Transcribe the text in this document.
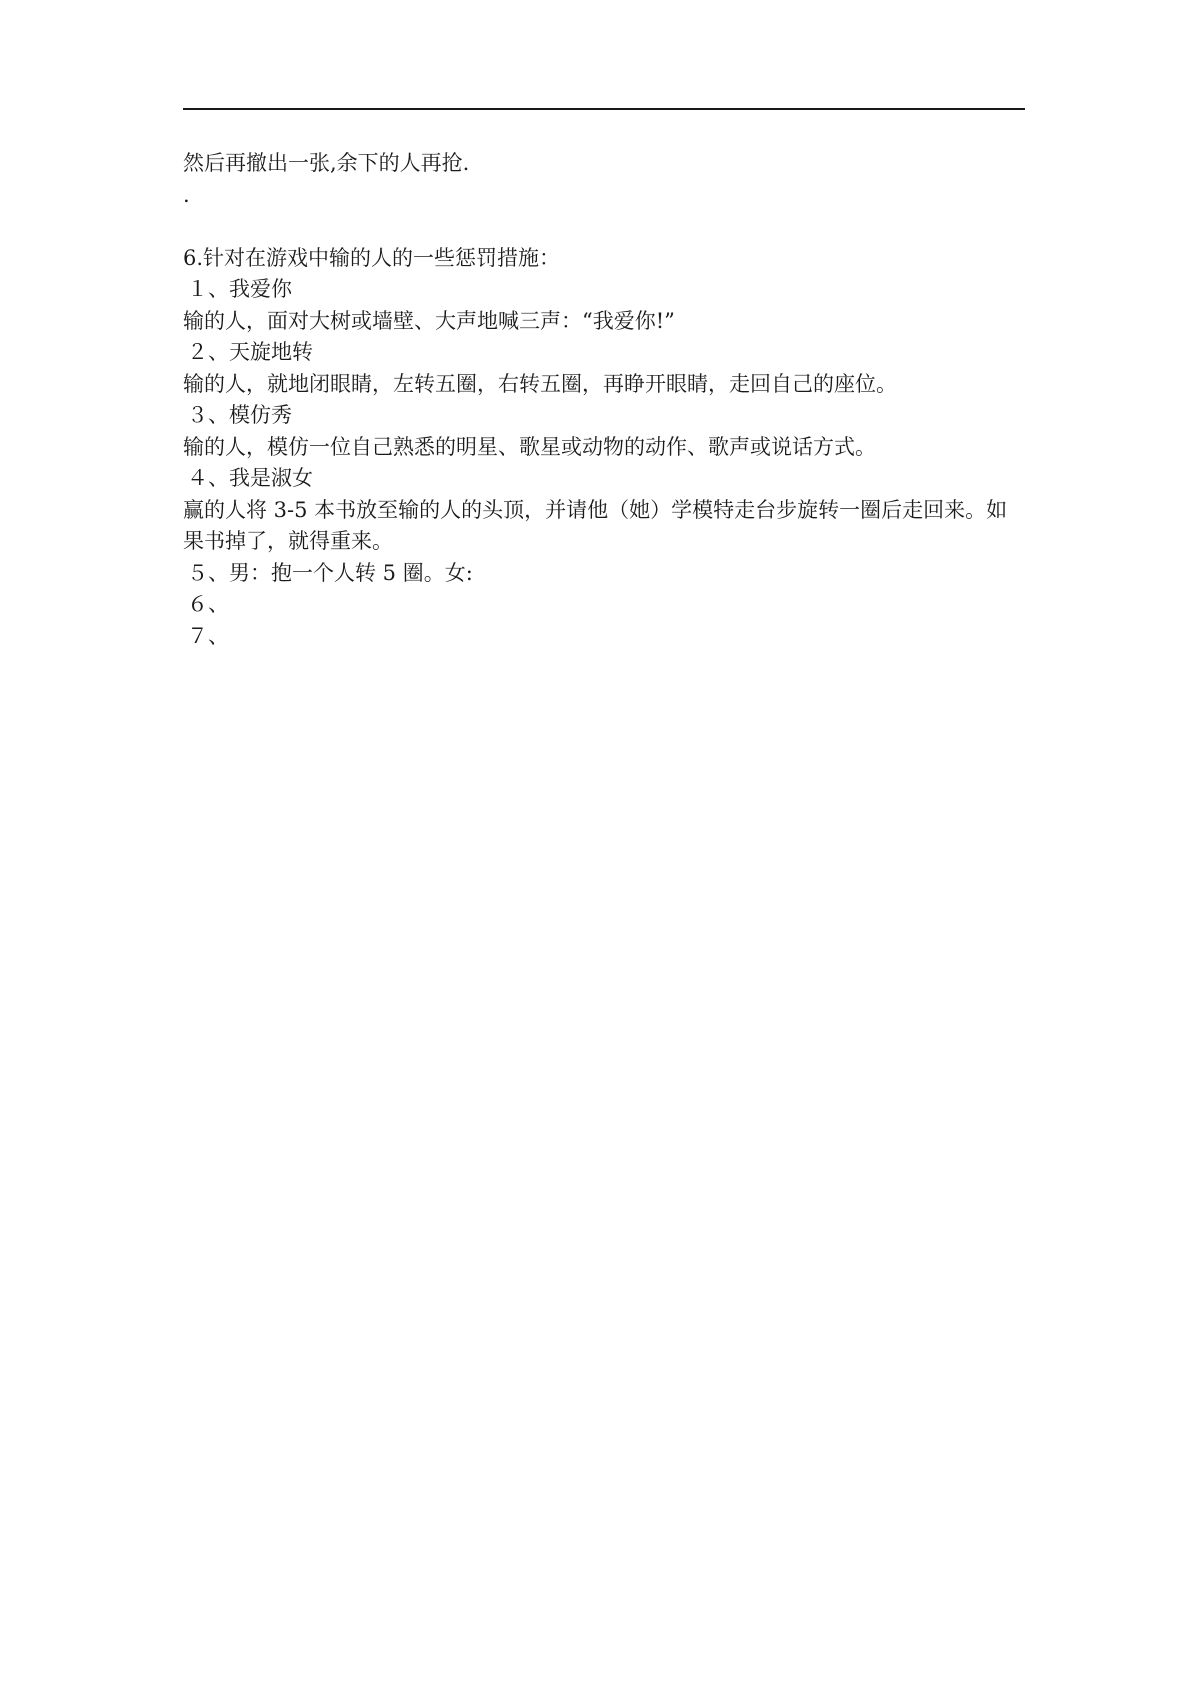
然后再撤出一张,余下的人再抢.
.
6.针对在游戏中输的人的一些惩罚措施：
１、我爱你
输的人，面对大树或墙壁、大声地喊三声：“我爱你!”
２、天旋地转
输的人，就地闭眼睛，左转五圈，右转五圈，再睁开眼睛，走回自己的座位。
３、模仿秀
输的人，模仿一位自己熟悉的明星、歌星或动物的动作、歌声或说话方式。
４、我是淑女
赢的人将 3-5 本书放至输的人的头顶，并请他（她）学模特走台步旋转一圈后走回来。如果书掉了，就得重来。
５、男：抱一个人转 5 圈。女:
６、
７、
